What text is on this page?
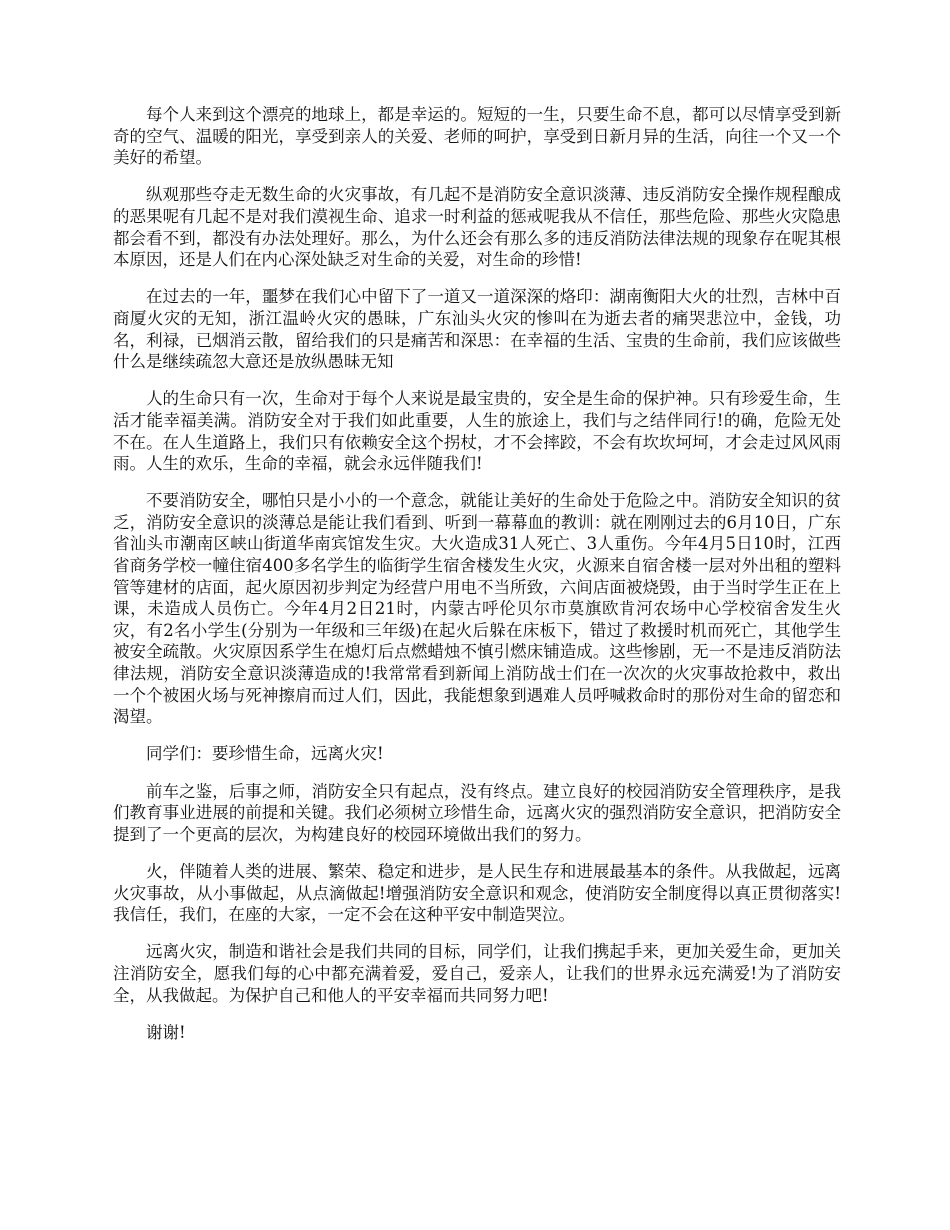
每个人来到这个漂亮的地球上，都是幸运的。短短的一生，只要生命不息，都可以尽情享受到新奇的空气、温暖的阳光，享受到亲人的关爱、老师的呵护，享受到日新月异的生活，向往一个又一个美好的希望。

纵观那些夺走无数生命的火灾事故，有几起不是消防安全意识淡薄、违反消防安全操作规程酿成的恶果呢有几起不是对我们漠视生命、追求一时利益的惩戒呢我从不信任，那些危险、那些火灾隐患都会看不到，都没有办法处理好。那么，为什么还会有那么多的违反消防法律法规的现象存在呢其根本原因，还是人们在内心深处缺乏对生命的关爱，对生命的珍惜!

在过去的一年，噩梦在我们心中留下了一道又一道深深的烙印：湖南衡阳大火的壮烈，吉林中百商厦火灾的无知，浙江温岭火灾的愚昧，广东汕头火灾的惨叫在为逝去者的痛哭悲泣中，金钱，功名，利禄，已烟消云散，留给我们的只是痛苦和深思：在幸福的生活、宝贵的生命前，我们应该做些什么是继续疏忽大意还是放纵愚昧无知

人的生命只有一次，生命对于每个人来说是最宝贵的，安全是生命的保护神。只有珍爱生命，生活才能幸福美满。消防安全对于我们如此重要，人生的旅途上，我们与之结伴同行!的确，危险无处不在。在人生道路上，我们只有依赖安全这个拐杖，才不会摔跤，不会有坎坎坷坷，才会走过风风雨雨。人生的欢乐，生命的幸福，就会永远伴随我们!

不要消防安全，哪怕只是小小的一个意念，就能让美好的生命处于危险之中。消防安全知识的贫乏，消防安全意识的淡薄总是能让我们看到、听到一幕幕血的教训：就在刚刚过去的6月10日，广东省汕头市潮南区峡山街道华南宾馆发生灾。大火造成31人死亡、3人重伤。今年4月5日10时，江西省商务学校一幢住宿400多名学生的临街学生宿舍楼发生火灾，火源来自宿舍楼一层对外出租的塑料管等建材的店面，起火原因初步判定为经营户用电不当所致，六间店面被烧毁，由于当时学生正在上课，未造成人员伤亡。今年4月2日21时，内蒙古呼伦贝尔市莫旗欧肯河农场中心学校宿舍发生火灾，有2名小学生(分别为一年级和三年级)在起火后躲在床板下，错过了救援时机而死亡，其他学生被安全疏散。火灾原因系学生在熄灯后点燃蜡烛不慎引燃床铺造成。这些惨剧，无一不是违反消防法律法规，消防安全意识淡薄造成的!我常常看到新闻上消防战士们在一次次的火灾事故抢救中，救出一个个被困火场与死神擦肩而过人们，因此，我能想象到遇难人员呼喊救命时的那份对生命的留恋和渴望。

同学们：要珍惜生命，远离火灾!

前车之鉴，后事之师，消防安全只有起点，没有终点。建立良好的校园消防安全管理秩序，是我们教育事业进展的前提和关键。我们必须树立珍惜生命，远离火灾的强烈消防安全意识，把消防安全提到了一个更高的层次，为构建良好的校园环境做出我们的努力。

火，伴随着人类的进展、繁荣、稳定和进步，是人民生存和进展最基本的条件。从我做起，远离火灾事故，从小事做起，从点滴做起!增强消防安全意识和观念，使消防安全制度得以真正贯彻落实!我信任，我们，在座的大家，一定不会在这种平安中制造哭泣。

远离火灾，制造和谐社会是我们共同的目标，同学们，让我们携起手来，更加关爱生命，更加关注消防安全，愿我们每的心中都充满着爱，爱自己，爱亲人，让我们的世界永远充满爱!为了消防安全，从我做起。为保护自己和他人的平安幸福而共同努力吧!

谢谢!
